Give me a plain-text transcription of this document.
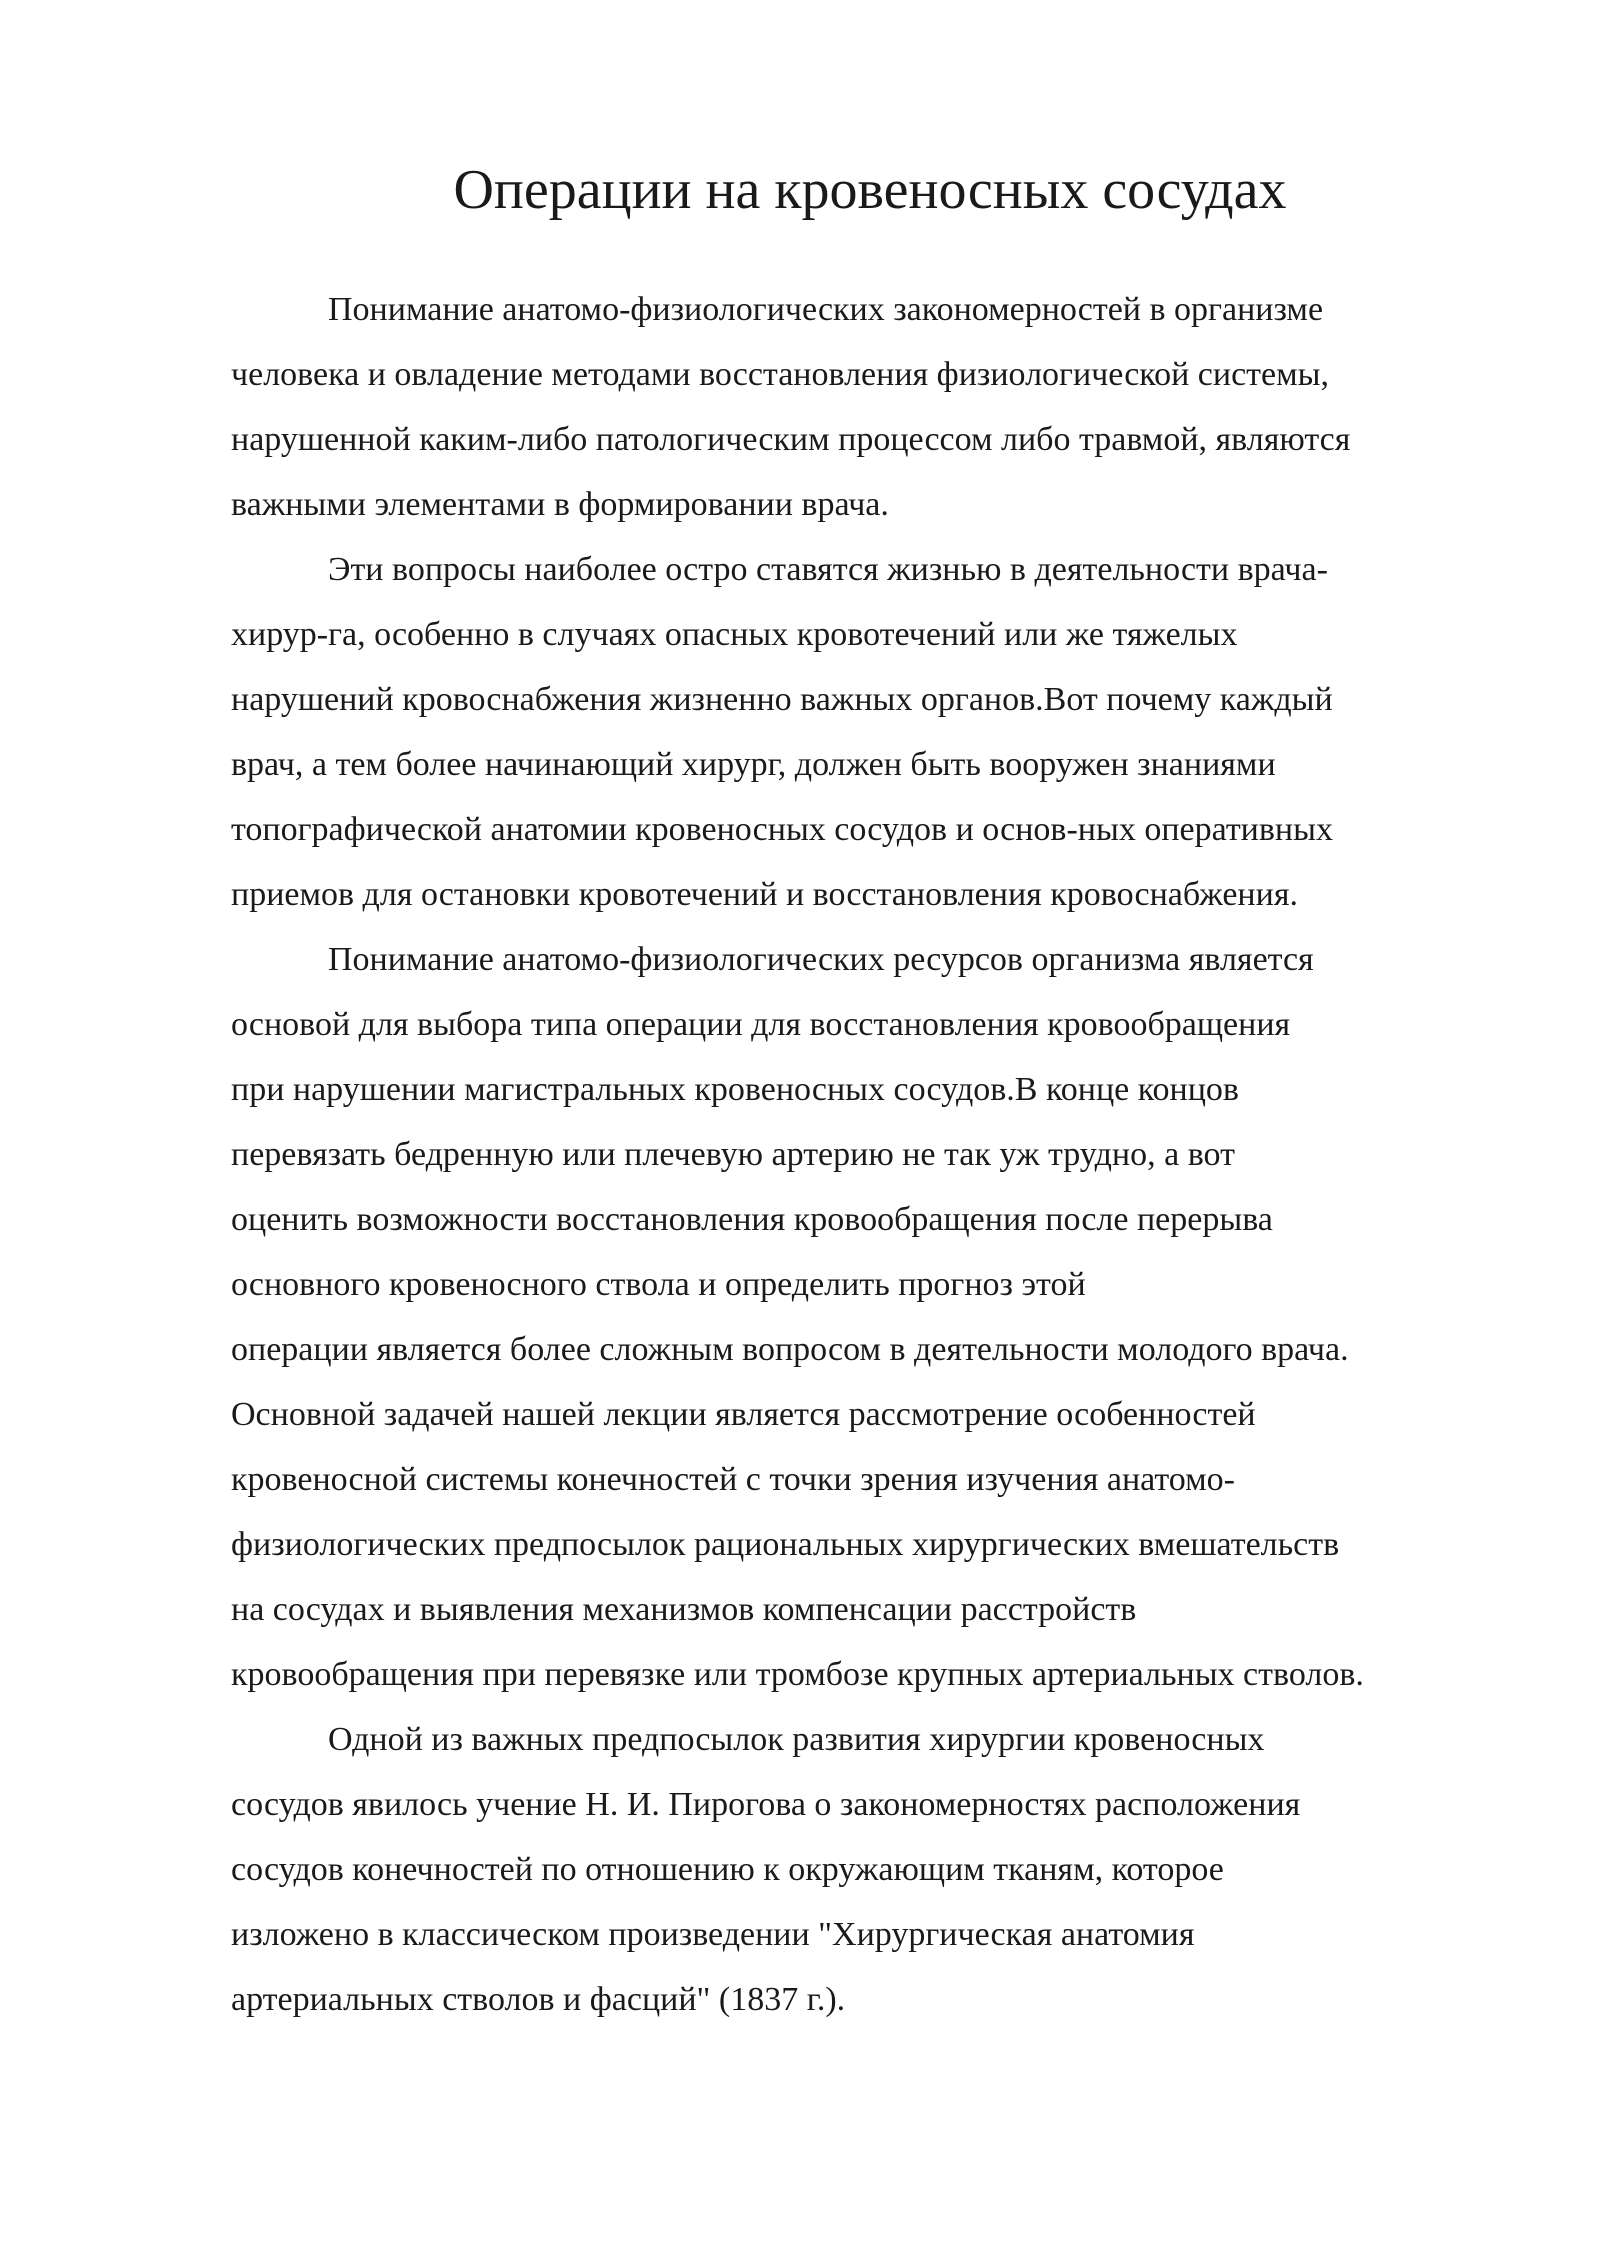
Операции на кровеносных сосудах

Понимание анатомо-физиологических закономерностей в организме

человека и овладение методами восстановления физиологической системы,

нарушенной каким-либо патологическим процессом либо травмой, являются

важными элементами в формировании врача.

Эти вопросы наиболее остро ставятся жизнью в деятельности врача-

хирур-га, особенно в случаях опасных кровотечений или же тяжелых

нарушений кровоснабжения жизненно важных органов.Вот почему каждый

врач, а тем более начинающий хирург, должен быть вооружен знаниями

топографической анатомии кровеносных сосудов и основ-ных оперативных

приемов для остановки кровотечений и восстановления кровоснабжения.

Понимание анатомо-физиологических ресурсов организма является

основой для выбора типа операции для восстановления кровообращения

при нарушении магистральных кровеносных сосудов.В конце концов

перевязать бедренную или плечевую артерию не так уж трудно, а вот

оценить возможности восстановления кровообращения после перерыва

основного кровеносного ствола и определить прогноз этой

операции является более сложным вопросом в деятельности молодого врача.

Основной задачей нашей лекции является рассмотрение особенностей

кровеносной системы конечностей с точки зрения изучения анатомо-

физиологических предпосылок рациональных хирургических вмешательств

на сосудах и выявления механизмов компенсации расстройств

кровообращения при перевязке или тромбозе крупных артериальных стволов.

Одной из важных предпосылок развития хирургии кровеносных

сосудов явилось учение Н. И. Пирогова о закономерностях расположения

сосудов конечностей по отношению к окружающим тканям, которое

изложено в классическом произведении "Хирургическая анатомия

артериальных стволов и фасций" (1837 г.).
